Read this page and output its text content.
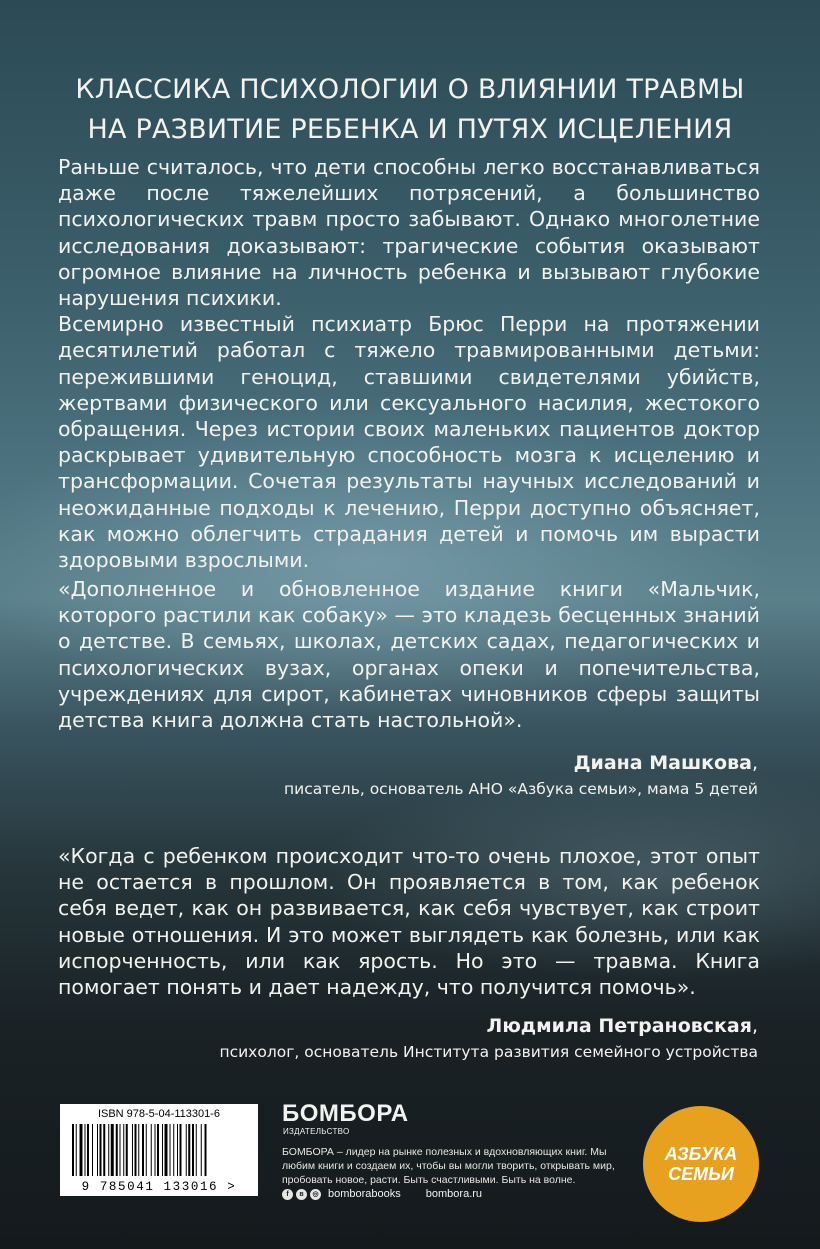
КЛАССИКА ПСИХОЛОГИИ О ВЛИЯНИИ ТРАВМЫ
НА РАЗВИТИЕ РЕБЕНКА И ПУТЯХ ИСЦЕЛЕНИЯ

Раньше считалось, что дети способны легко восстанавливаться даже после тяжелейших потрясений, а большинство психологических травм просто забывают. Однако многолетние исследования доказывают: трагические события оказывают огромное влияние на личность ребенка и вызывают глубокие нарушения психики.

Всемирно известный психиатр Брюс Перри на протяжении десятилетий работал с тяжело травмированными детьми: пережившими геноцид, ставшими свидетелями убийств, жертвами физического или сексуального насилия, жестокого обращения. Через истории своих маленьких пациентов доктор раскрывает удивительную способность мозга к исцелению и трансформации. Сочетая результаты научных исследований и неожиданные подходы к лечению, Перри доступно объясняет, как можно облегчить страдания детей и помочь им вырасти здоровыми взрослыми.

«Дополненное и обновленное издание книги «Мальчик, которого растили как собаку» — это кладезь бесценных знаний о детстве. В семьях, школах, детских садах, педагогических и психологических вузах, органах опеки и попечительства, учреждениях для сирот, кабинетах чиновников сферы защиты детства книга должна стать настольной».

Диана Машкова,
писатель, основатель АНО «Азбука семьи», мама 5 детей

«Когда с ребенком происходит что-то очень плохое, этот опыт не остается в прошлом. Он проявляется в том, как ребенок себя ведет, как он развивается, как себя чувствует, как строит новые отношения. И это может выглядеть как болезнь, или как испорченность, или как ярость. Но это — травма. Книга помогает понять и дает надежду, что получится помочь».

Людмила Петрановская,
психолог, основатель Института развития семейного устройства
ISBN 978-5-04-113301-6
9 785041 133016 >
БОМБОРА
ИЗДАТЕЛЬСТВО
БОМБОРА – лидер на рынке полезных и вдохновляющих книг. Мы любим книги и создаем их, чтобы вы могли творить, открывать мир, пробовать новое, расти. Быть счастливыми. Быть на волне.
f	в	◎ bomborabooks bombora.ru
АЗБУКА
СЕМЬИ
